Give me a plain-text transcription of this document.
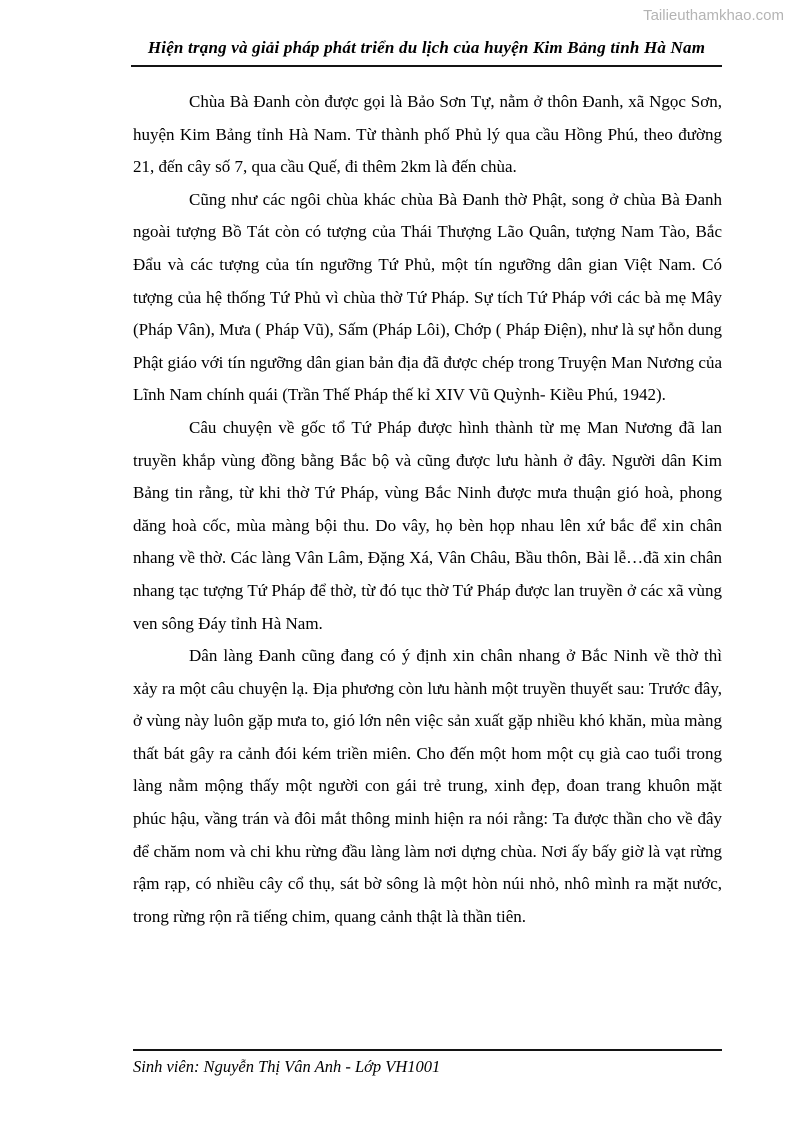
Tailieuthamkhao.com
Hiện trạng và giải pháp phát triển du lịch của huyện Kim Bảng tỉnh Hà Nam

Chùa Bà Đanh còn được gọi là Bảo Sơn Tự, nằm ở thôn Đanh, xã Ngọc Sơn, huyện Kim Bảng tỉnh Hà Nam. Từ thành phố Phủ lý qua cầu Hồng Phú, theo đường 21, đến cây số 7, qua cầu Quế, đi thêm 2km là đến chùa.

Cũng như các ngôi chùa khác chùa Bà Đanh thờ Phật, song ở chùa Bà Đanh ngoài tượng Bồ Tát còn có tượng của Thái Thượng Lão Quân, tượng Nam Tào, Bắc Đẩu và các tượng của tín ngưỡng Tứ Phủ, một tín ngưỡng dân gian Việt Nam. Có tượng của hệ thống Tứ Phủ vì chùa thờ Tứ Pháp. Sự tích Tứ Pháp với các bà mẹ Mây (Pháp Vân), Mưa ( Pháp Vũ), Sấm (Pháp Lôi), Chớp ( Pháp Điện), như là sự hỗn dung Phật giáo với tín ngưỡng dân gian bản địa đã được chép trong Truyện Man Nương của Lĩnh Nam chính quái (Trần Thế Pháp thế kỉ XIV Vũ Quỳnh- Kiều Phú, 1942).

Câu chuyện về gốc tổ Tứ Pháp được hình thành từ mẹ Man Nương đã lan truyền khắp vùng đồng bằng Bắc bộ và cũng được lưu hành ở đây. Người dân Kim Bảng tin rằng, từ khi thờ Tứ Pháp, vùng Bắc Ninh được mưa thuận gió hoà, phong dăng hoà cốc, mùa màng bội thu. Do vây, họ bèn họp nhau lên xứ bắc để xin chân nhang về thờ. Các làng Vân Lâm, Đặng Xá, Vân Châu, Bầu thôn, Bài lễ…đã xin chân nhang tạc tượng Tứ Pháp để thờ, từ đó tục thờ Tứ Pháp được lan truyền ở các xã vùng ven sông Đáy tỉnh Hà Nam.

Dân làng Đanh cũng đang có ý định xin chân nhang ở Bắc Ninh về thờ thì xảy ra một câu chuyện lạ. Địa phương còn lưu hành một truyền thuyết sau: Trước đây, ở vùng này luôn gặp mưa to, gió lớn nên việc sản xuất gặp nhiều khó khăn, mùa màng thất bát gây ra cảnh đói kém triền miên. Cho đến một hom một cụ già cao tuổi trong làng nằm mộng thấy một người con gái trẻ trung, xinh đẹp, đoan trang khuôn mặt phúc hậu, vầng trán và đôi mắt thông minh hiện ra nói rằng: Ta được thần cho về đây để chăm nom và chi khu rừng đầu làng làm nơi dựng chùa. Nơi ấy bấy giờ là vạt rừng rậm rạp, có nhiều cây cổ thụ, sát bờ sông là một hòn núi nhỏ, nhô mình ra mặt nước, trong rừng rộn rã tiếng chim, quang cảnh thật là thần tiên.

Sinh viên: Nguyễn Thị Vân Anh - Lớp VH1001
